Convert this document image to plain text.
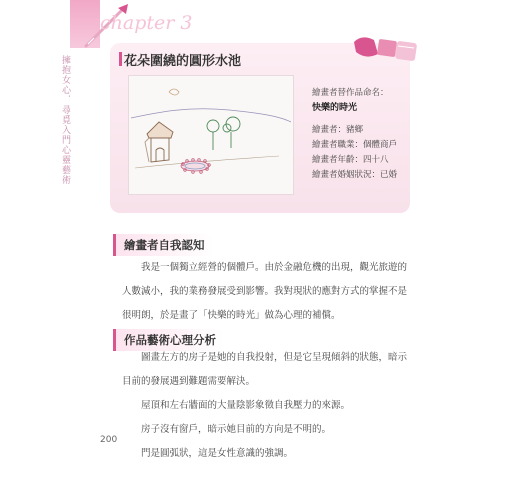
chapter 3
擁抱女心．尋覓入門心靈藝術	花朵圍繞的圓形水池
繪畫者替作品命名：
快樂的時光
繪畫者：豬鄉
繪畫者職業：個體商戶
繪畫者年齡：四十八
繪畫者婚姻狀況：已婚
繪畫者自我認知

我是一個獨立經營的個體戶。由於金融危機的出現，觀光旅遊的

人數減小，我的業務發展受到影響。我對現狀的應對方式的掌握不是

很明朗，於是畫了「快樂的時光」做為心理的補償。

作品藝術心理分析

圖畫左方的房子是她的自我投射，但是它呈現傾斜的狀態，暗示

目前的發展遇到難題需要解決。

屋頂和左右牆面的大量陰影象徵自我壓力的來源。

房子沒有窗戶，暗示她目前的方向是不明的。

門是圓弧狀，這是女性意識的強調。

200
